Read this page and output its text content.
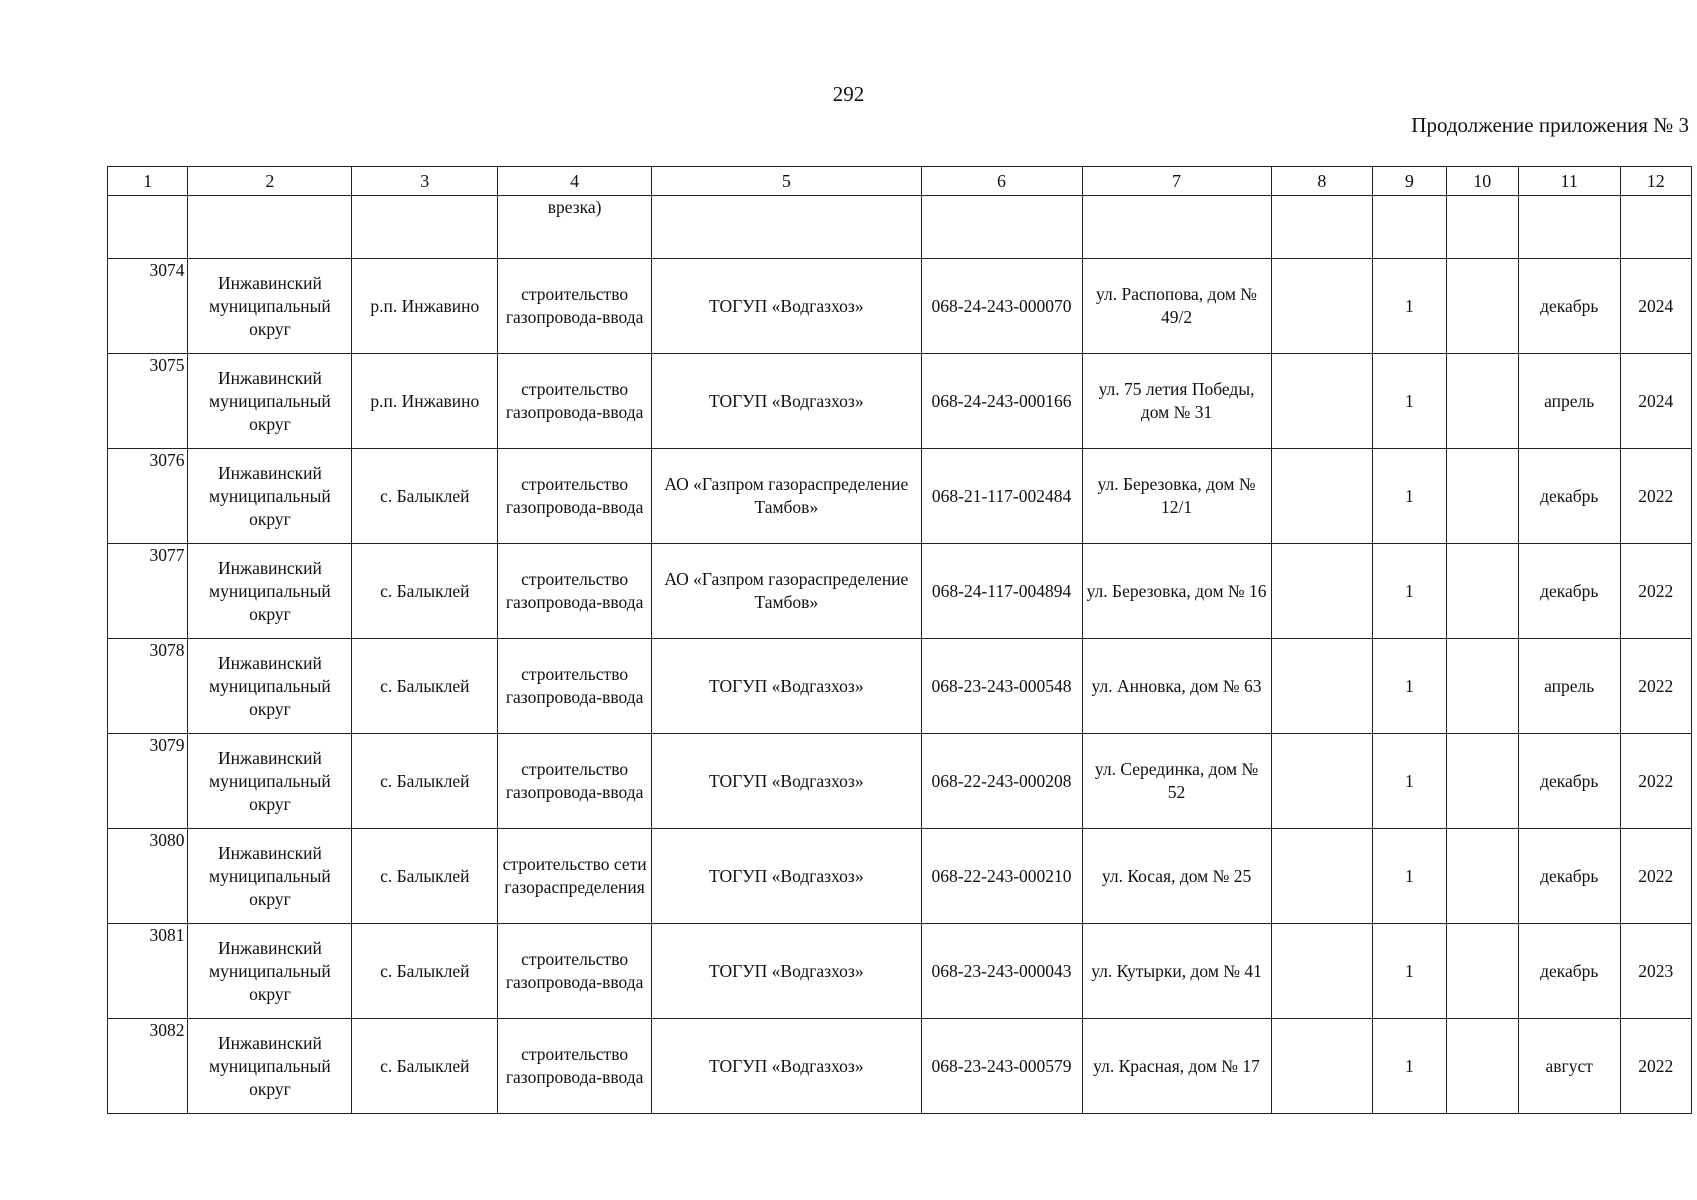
292
Продолжение приложения № 3
1	2	3	4	5	6	7	8	9	10	11	12
			врезка)								
3074	Инжавинский муниципальный округ	р.п. Инжавино	строительство газопровода-ввода	ТОГУП «Водгазхоз»	068-24-243-000070	ул. Распопова, дом № 49/2		1		декабрь	2024
3075	Инжавинский муниципальный округ	р.п. Инжавино	строительство газопровода-ввода	ТОГУП «Водгазхоз»	068-24-243-000166	ул. 75 летия Победы, дом № 31		1		апрель	2024
3076	Инжавинский муниципальный округ	с. Балыклей	строительство газопровода-ввода	АО «Газпром газораспределение Тамбов»	068-21-117-002484	ул. Березовка, дом № 12/1		1		декабрь	2022
3077	Инжавинский муниципальный округ	с. Балыклей	строительство газопровода-ввода	АО «Газпром газораспределение Тамбов»	068-24-117-004894	ул. Березовка, дом № 16		1		декабрь	2022
3078	Инжавинский муниципальный округ	с. Балыклей	строительство газопровода-ввода	ТОГУП «Водгазхоз»	068-23-243-000548	ул. Анновка, дом № 63		1		апрель	2022
3079	Инжавинский муниципальный округ	с. Балыклей	строительство газопровода-ввода	ТОГУП «Водгазхоз»	068-22-243-000208	ул. Серединка, дом № 52		1		декабрь	2022
3080	Инжавинский муниципальный округ	с. Балыклей	строительство сети газораспределения	ТОГУП «Водгазхоз»	068-22-243-000210	ул. Косая, дом № 25		1		декабрь	2022
3081	Инжавинский муниципальный округ	с. Балыклей	строительство газопровода-ввода	ТОГУП «Водгазхоз»	068-23-243-000043	ул. Кутырки, дом № 41		1		декабрь	2023
3082	Инжавинский муниципальный округ	с. Балыклей	строительство газопровода-ввода	ТОГУП «Водгазхоз»	068-23-243-000579	ул. Красная, дом № 17		1		август	2022
